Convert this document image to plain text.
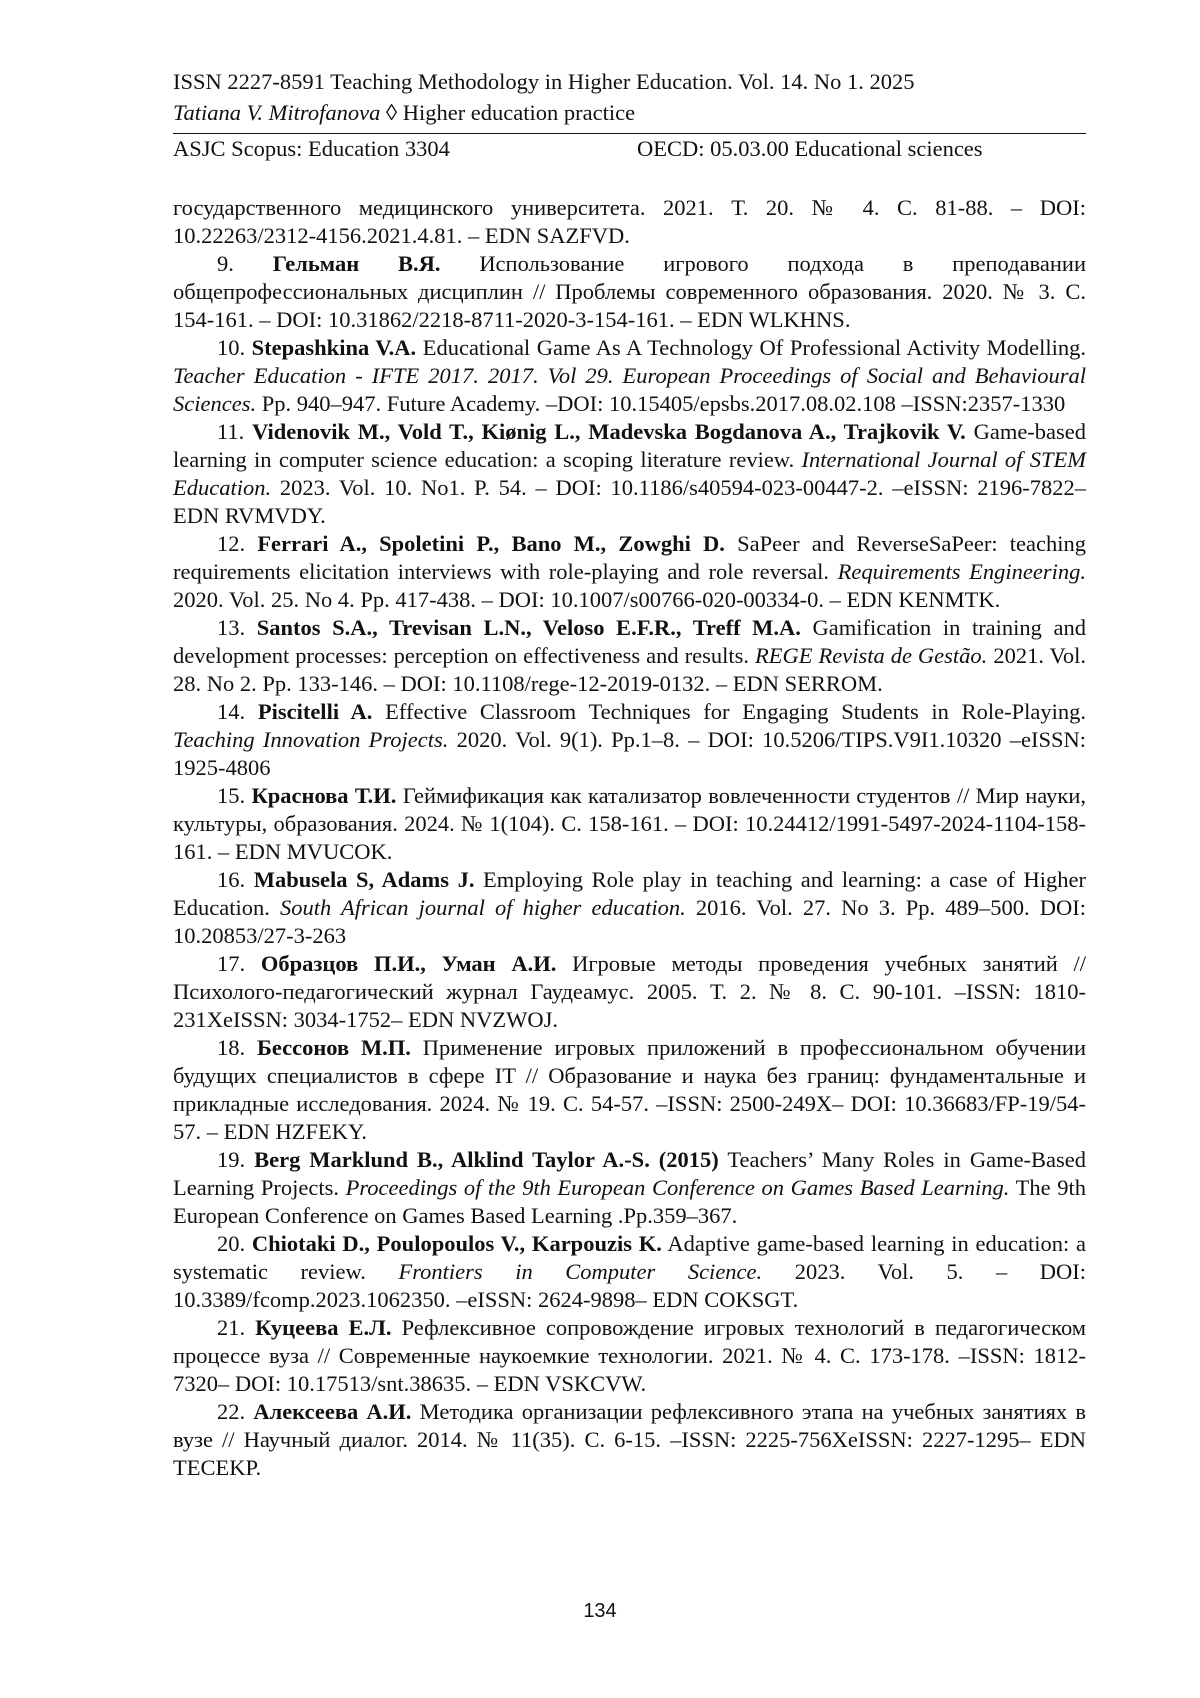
ISSN 2227-8591 Teaching Methodology in Higher Education. Vol. 14. No 1. 2025
Tatiana V. Mitrofanova ◊ Higher education practice
ASJC Scopus: Education 3304	OECD: 05.03.00 Educational sciences

государственного медицинского университета. 2021. Т. 20. № 4. С. 81-88. – DOI: 10.22263/2312-4156.2021.4.81. – EDN SAZFVD.

9. Гельман В.Я. Использование игрового подхода в преподавании общепрофессиональных дисциплин // Проблемы современного образования. 2020. № 3. С. 154-161. – DOI: 10.31862/2218-8711-2020-3-154-161. – EDN WLKHNS.

10. Stepashkina V.A. Educational Game As A Technology Of Professional Activity Modelling. Teacher Education - IFTE 2017. 2017. Vol 29. European Proceedings of Social and Behavioural Sciences. Pp. 940–947. Future Academy. –DOI: 10.15405/epsbs.2017.08.02.108 –ISSN:2357-1330

11. Videnovik M., Vold T., Kiønig L., Madevska Bogdanova A., Trajkovik V. Game-based learning in computer science education: a scoping literature review. International Journal of STEM Education. 2023. Vol. 10. No1. P. 54. – DOI: 10.1186/s40594-023-00447-2. –eISSN: 2196-7822– EDN RVMVDY.

12. Ferrari A., Spoletini P., Bano M., Zowghi D. SaPeer and ReverseSaPeer: teaching requirements elicitation interviews with role-playing and role reversal. Requirements Engineering. 2020. Vol. 25. No 4. Pp. 417-438. – DOI: 10.1007/s00766-020-00334-0. – EDN KENMTK.

13. Santos S.A., Trevisan L.N., Veloso E.F.R., Treff M.A. Gamification in training and development processes: perception on effectiveness and results. REGE Revista de Gestão. 2021. Vol. 28. No 2. Pp. 133-146. – DOI: 10.1108/rege-12-2019-0132. – EDN SERROM.

14. Piscitelli A. Effective Classroom Techniques for Engaging Students in Role-Playing. Teaching Innovation Projects. 2020. Vol. 9(1). Pp.1–8. – DOI: 10.5206/TIPS.V9I1.10320 –eISSN: 1925-4806

15. Краснова Т.И. Геймификация как катализатор вовлеченности студентов // Мир науки, культуры, образования. 2024. № 1(104). С. 158-161. – DOI: 10.24412/1991-5497-2024-1104-158-161. – EDN MVUCOK.

16. Mabusela S, Adams J. Employing Role play in teaching and learning: a case of Higher Education. South African journal of higher education. 2016. Vol. 27. No 3. Pp. 489–500. DOI: 10.20853/27-3-263

17. Образцов П.И., Уман А.И. Игровые методы проведения учебных занятий // Психолого-педагогический журнал Гаудеамус. 2005. Т. 2. № 8. С. 90-101. –ISSN: 1810-231XeISSN: 3034-1752– EDN NVZWOJ.

18. Бессонов М.П. Применение игровых приложений в профессиональном обучении будущих специалистов в сфере IT // Образование и наука без границ: фундаментальные и прикладные исследования. 2024. № 19. С. 54-57. –ISSN: 2500-249X– DOI: 10.36683/FP-19/54-57. – EDN HZFEKY.

19. Berg Marklund B., Alklind Taylor A.-S. (2015) Teachers’ Many Roles in Game-Based Learning Projects. Proceedings of the 9th European Conference on Games Based Learning. The 9th European Conference on Games Based Learning .Pp.359–367.

20. Chiotaki D., Poulopoulos V., Karpouzis K. Adaptive game-based learning in education: a systematic review. Frontiers in Computer Science. 2023. Vol. 5. – DOI: 10.3389/fcomp.2023.1062350. –eISSN: 2624-9898– EDN COKSGT.

21. Куцеева Е.Л. Рефлексивное сопровождение игровых технологий в педагогическом процессе вуза // Современные наукоемкие технологии. 2021. № 4. С. 173-178. –ISSN: 1812-7320– DOI: 10.17513/snt.38635. – EDN VSKCVW.

22. Алексеева А.И. Методика организации рефлексивного этапа на учебных занятиях в вузе // Научный диалог. 2014. № 11(35). С. 6-15. –ISSN: 2225-756XeISSN: 2227-1295– EDN TECEKP.

134
